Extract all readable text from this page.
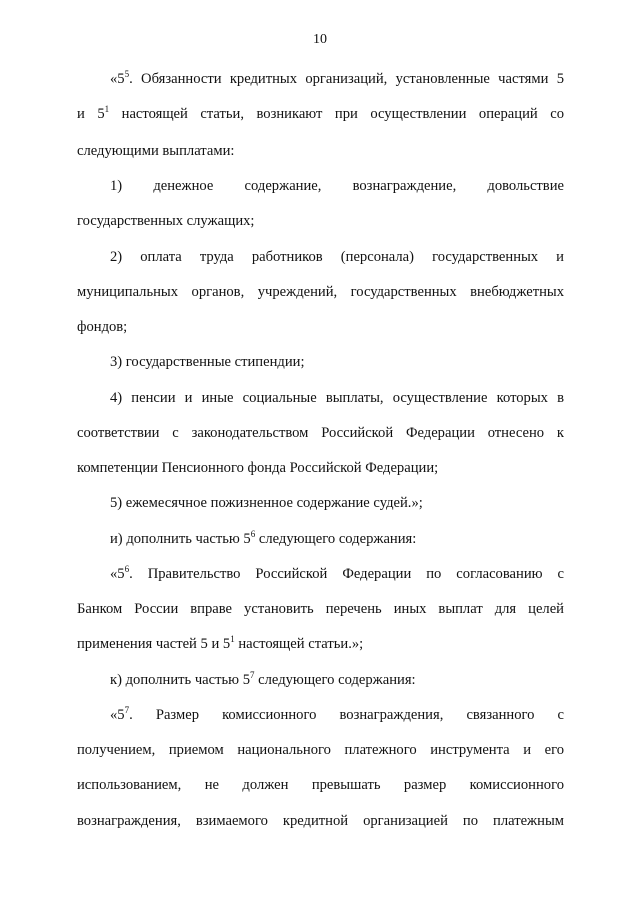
10
«$5^5$. Обязанности кредитных организаций, установленные частями 5
и $5^1$ настоящей статьи, возникают при осуществлении операций со
следующими выплатами:
1) денежное содержание, вознаграждение, довольствие
государственных служащих;
2) оплата труда работников (персонала) государственных и
муниципальных органов, учреждений, государственных внебюджетных
фондов;
3) государственные стипендии;
4) пенсии и иные социальные выплаты, осуществление которых в
соответствии с законодательством Российской Федерации отнесено к
компетенции Пенсионного фонда Российской Федерации;
5) ежемесячное пожизненное содержание судей.»;
и) дополнить частью $5^6$ следующего содержания:
«$5^6$. Правительство Российской Федерации по согласованию с
Банком России вправе установить перечень иных выплат для целей
применения частей 5 и $5^1$ настоящей статьи.»;
к) дополнить частью $5^7$ следующего содержания:
«$5^7$. Размер комиссионного вознаграждения, связанного с
получением, приемом национального платежного инструмента и его
использованием, не должен превышать размер комиссионного
вознаграждения, взимаемого кредитной организацией по платежным
